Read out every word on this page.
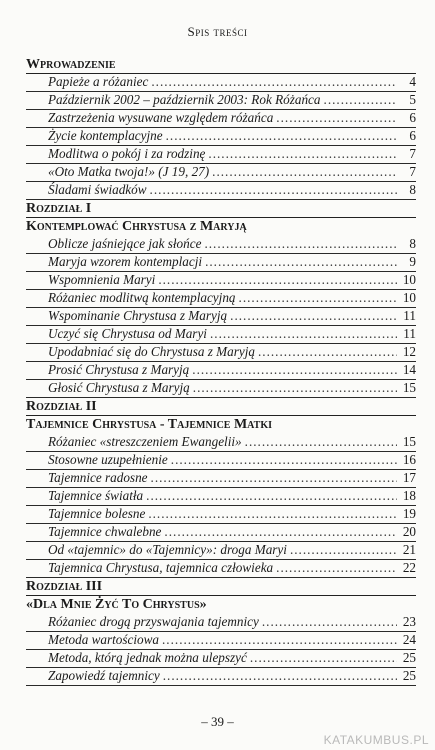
Spis treści
Wprowadzenie
Papieże a różaniec .....	4
Październik 2002 – październik 2003: Rok Różańca .....	5
Zastrzeżenia wysuwane względem różańca .....	6
Życie kontemplacyjne .....	6
Modlitwa o pokój i za rodzinę .....	7
«Oto Matka twoja!» (J 19, 27) .....	7
Śladami świadków .....	8
Rozdział I
Kontemplować Chrystusa z Maryją
Oblicze jaśniejące jak słońce .....	8
Maryja wzorem kontemplacji .....	9
Wspomnienia Maryi .....	10
Różaniec modlitwą kontemplacyjną .....	10
Wspominanie Chrystusa z Maryją .....	11
Uczyć się Chrystusa od Maryi .....	11
Upodabniać się do Chrystusa z Maryją .....	12
Prosić Chrystusa z Maryją .....	14
Głosić Chrystusa z Maryją .....	15
Rozdział II
Tajemnice Chrystusa - Tajemnice Matki
Różaniec «streszczeniem Ewangelii» .....	15
Stosowne uzupełnienie .....	16
Tajemnice radosne .....	17
Tajemnice światła .....	18
Tajemnice bolesne .....	19
Tajemnice chwalebne .....	20
Od «tajemnic» do «Tajemnicy»: droga Maryi .....	21
Tajemnica Chrystusa, tajemnica człowieka .....	22
Rozdział III
«Dla Mnie Żyć To Chrystus»
Różaniec drogą przyswajania tajemnicy .....	23
Metoda wartościowa .....	24
Metoda, którą jednak można ulepszyć .....	25
Zapowiedź tajemnicy .....	25
– 39 –
KATAKUMBUS.PL
